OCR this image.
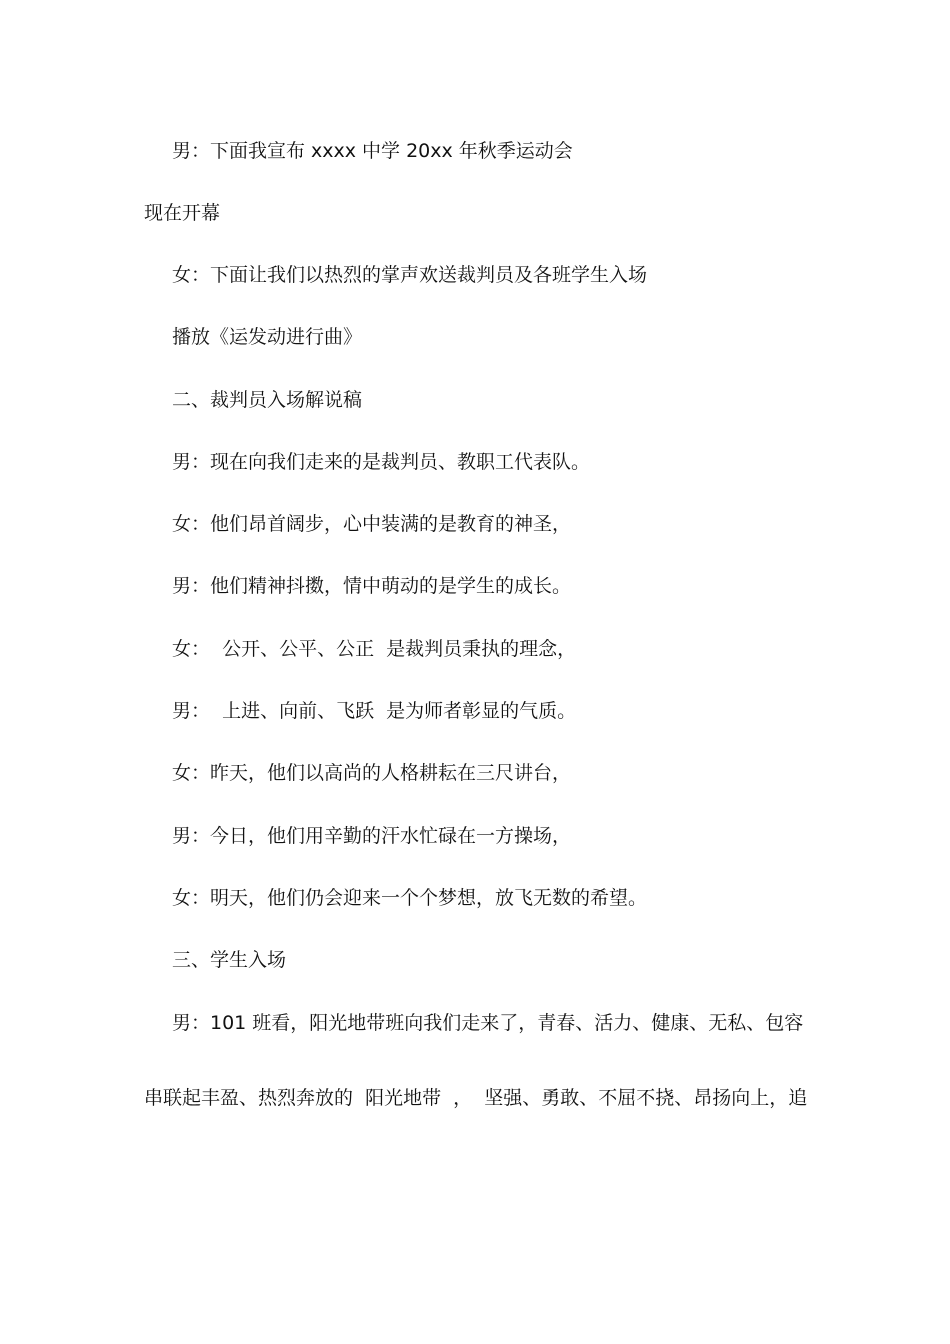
男：下面我宣布 xxxx 中学 20xx 年秋季运动会
现在开幕
女：下面让我们以热烈的掌声欢送裁判员及各班学生入场
播放《运发动进行曲》
二、裁判员入场解说稿
男：现在向我们走来的是裁判员、教职工代表队。
女：他们昂首阔步，心中装满的是教育的神圣，
男：他们精神抖擞，情中萌动的是学生的成长。
女：  公开、公平、公正  是裁判员秉执的理念，
男：  上进、向前、飞跃  是为师者彰显的气质。
女：昨天，他们以高尚的人格耕耘在三尺讲台，
男：今日，他们用辛勤的汗水忙碌在一方操场，
女：明天，他们仍会迎来一个个梦想，放飞无数的希望。
三、学生入场
男：101 班看，阳光地带班向我们走来了，青春、活力、健康、无私、包容
串联起丰盈、热烈奔放的  阳光地带  ，  坚强、勇敢、不屈不挠、昂扬向上，追
